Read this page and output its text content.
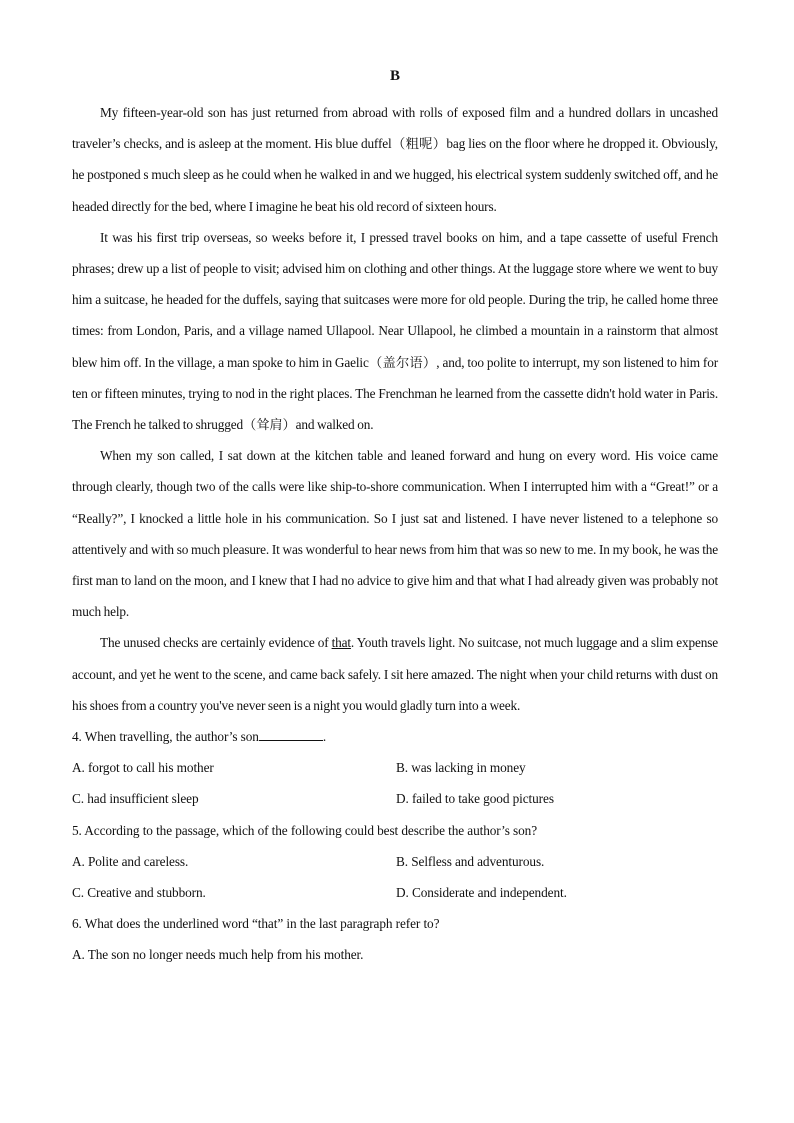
B

My fifteen-year-old son has just returned from abroad with rolls of exposed film and a hundred dollars in uncashed traveler’s checks, and is asleep at the moment. His blue duffel（粗呢）bag lies on the floor where he dropped it. Obviously, he postponed s much sleep as he could when he walked in and we hugged, his electrical system suddenly switched off, and he headed directly for the bed, where I imagine he beat his old record of sixteen hours.

It was his first trip overseas, so weeks before it, I pressed travel books on him, and a tape cassette of useful French phrases; drew up a list of people to visit; advised him on clothing and other things. At the luggage store where we went to buy him a suitcase, he headed for the duffels, saying that suitcases were more for old people. During the trip, he called home three times: from London, Paris, and a village named Ullapool. Near Ullapool, he climbed a mountain in a rainstorm that almost blew him off. In the village, a man spoke to him in Gaelic（盖尔语）, and, too polite to interrupt, my son listened to him for ten or fifteen minutes, trying to nod in the right places. The Frenchman he learned from the cassette didn't hold water in Paris. The French he talked to shrugged（耸肩）and walked on.

When my son called, I sat down at the kitchen table and leaned forward and hung on every word. His voice came through clearly, though two of the calls were like ship-to-shore communication. When I interrupted him with a “Great!” or a “Really?”, I knocked a little hole in his communication. So I just sat and listened. I have never listened to a telephone so attentively and with so much pleasure. It was wonderful to hear news from him that was so new to me. In my book, he was the first man to land on the moon, and I knew that I had no advice to give him and that what I had already given was probably not much help.

The unused checks are certainly evidence of that. Youth travels light. No suitcase, not much luggage and a slim expense account, and yet he went to the scene, and came back safely. I sit here amazed. The night when your child returns with dust on his shoes from a country you've never seen is a night you would gladly turn into a week.

4. When travelling, the author’s son	.
A. forgot to call his mother	B. was lacking in money
C. had insufficient sleep	D. failed to take good pictures
5. According to the passage, which of the following could best describe the author’s son?
A. Polite and careless.	B. Selfless and adventurous.
C. Creative and stubborn.	D. Considerate and independent.
6. What does the underlined word “that” in the last paragraph refer to?
A. The son no longer needs much help from his mother.
